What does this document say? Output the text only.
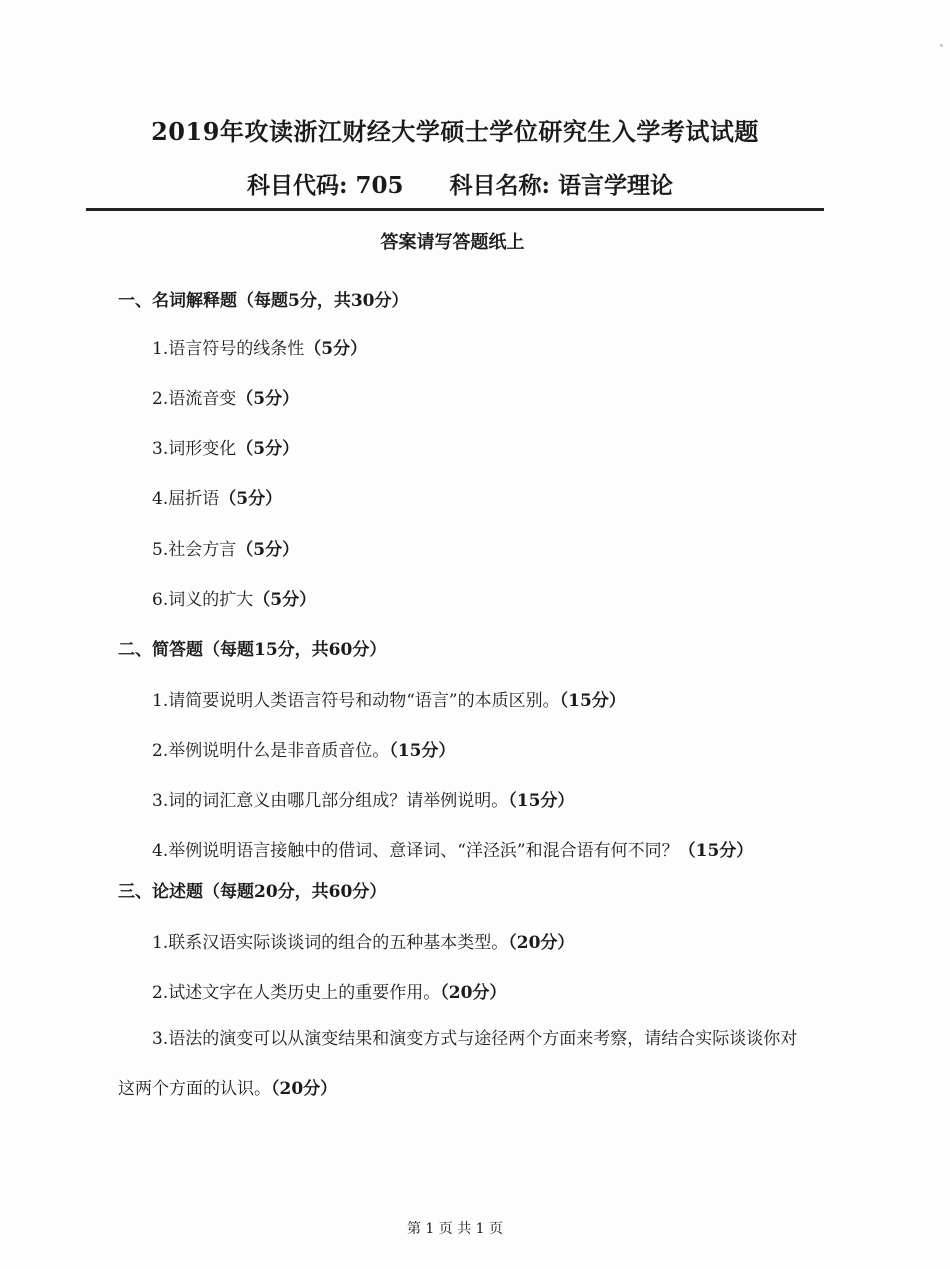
2019年攻读浙江财经大学硕士学位研究生入学考试试题
科目代码: 705 科目名称: 语言学理论
答案请写答题纸上
一、名词解释题（每题5分，共30分）
1.语言符号的线条性（5分）
2.语流音变（5分）
3.词形变化（5分）
4.屈折语（5分）
5.社会方言（5分）
6.词义的扩大（5分）
二、简答题（每题15分，共60分）
1.请简要说明人类语言符号和动物“语言”的本质区别。（15分）
2.举例说明什么是非音质音位。（15分）
3.词的词汇意义由哪几部分组成？请举例说明。（15分）
4.举例说明语言接触中的借词、意译词、“洋泾浜”和混合语有何不同？（15分）
三、论述题（每题20分，共60分）
1.联系汉语实际谈谈词的组合的五种基本类型。（20分）
2.试述文字在人类历史上的重要作用。（20分）
3.语法的演变可以从演变结果和演变方式与途径两个方面来考察，请结合实际谈谈你对这两个方面的认识。（20分）
第 1 页 共 1 页
